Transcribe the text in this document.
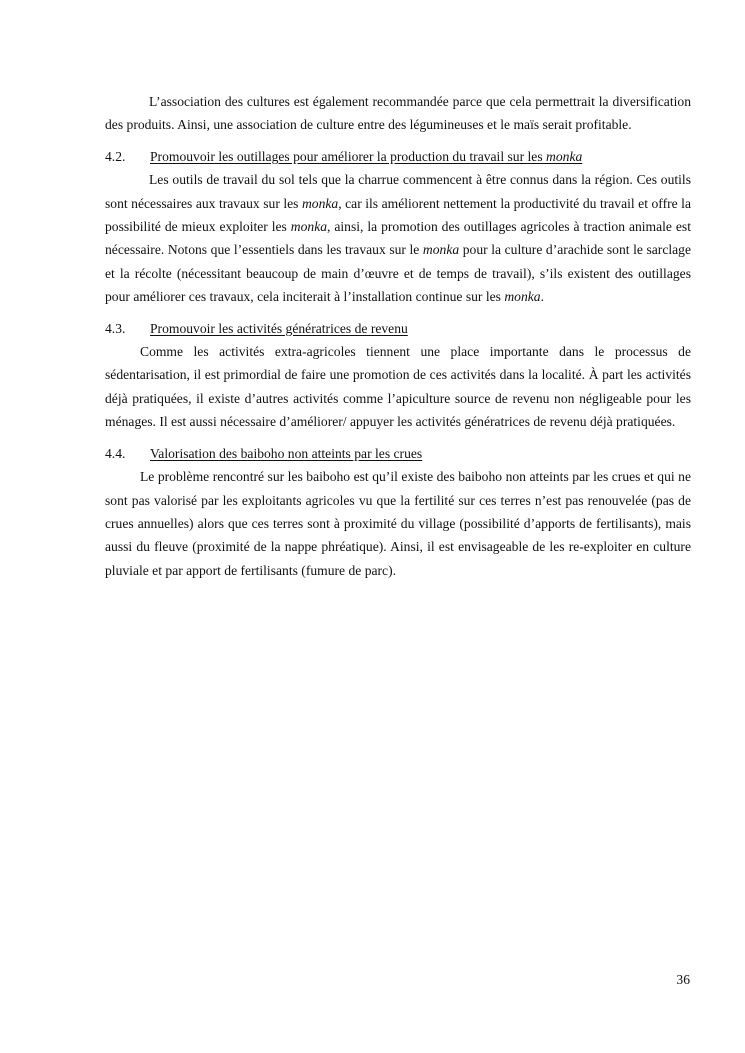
L’association des cultures est également recommandée parce que cela permettrait la diversification des produits. Ainsi, une association de culture entre des légumineuses et le maïs serait profitable.

4.2.	Promouvoir les outillages pour améliorer la production du travail sur les monka

Les outils de travail du sol tels que la charrue commencent à être connus dans la région. Ces outils sont nécessaires aux travaux sur les monka, car ils améliorent nettement la productivité du travail et offre la possibilité de mieux exploiter les monka, ainsi, la promotion des outillages agricoles à traction animale est nécessaire. Notons que l’essentiels dans les travaux sur le monka pour la culture d’arachide sont le sarclage et la récolte (nécessitant beaucoup de main d’œuvre et de temps de travail), s’ils existent des outillages pour améliorer ces travaux, cela inciterait à l’installation continue sur les monka.

4.3.	Promouvoir les activités génératrices de revenu

Comme les activités extra-agricoles tiennent une place importante dans le processus de sédentarisation, il est primordial de faire une promotion de ces activités dans la localité. À part les activités déjà pratiquées, il existe d’autres activités comme l’apiculture source de revenu non négligeable pour les ménages. Il est aussi nécessaire d’améliorer/ appuyer les activités génératrices de revenu déjà pratiquées.

4.4.	Valorisation des baiboho non atteints par les crues

Le problème rencontré sur les baiboho est qu’il existe des baiboho non atteints par les crues et qui ne sont pas valorisé par les exploitants agricoles vu que la fertilité sur ces terres n’est pas renouvelée (pas de crues annuelles) alors que ces terres sont à proximité du village (possibilité d’apports de fertilisants), mais aussi du fleuve (proximité de la nappe phréatique). Ainsi, il est envisageable de les re-exploiter en culture pluviale et par apport de fertilisants (fumure de parc).

36
